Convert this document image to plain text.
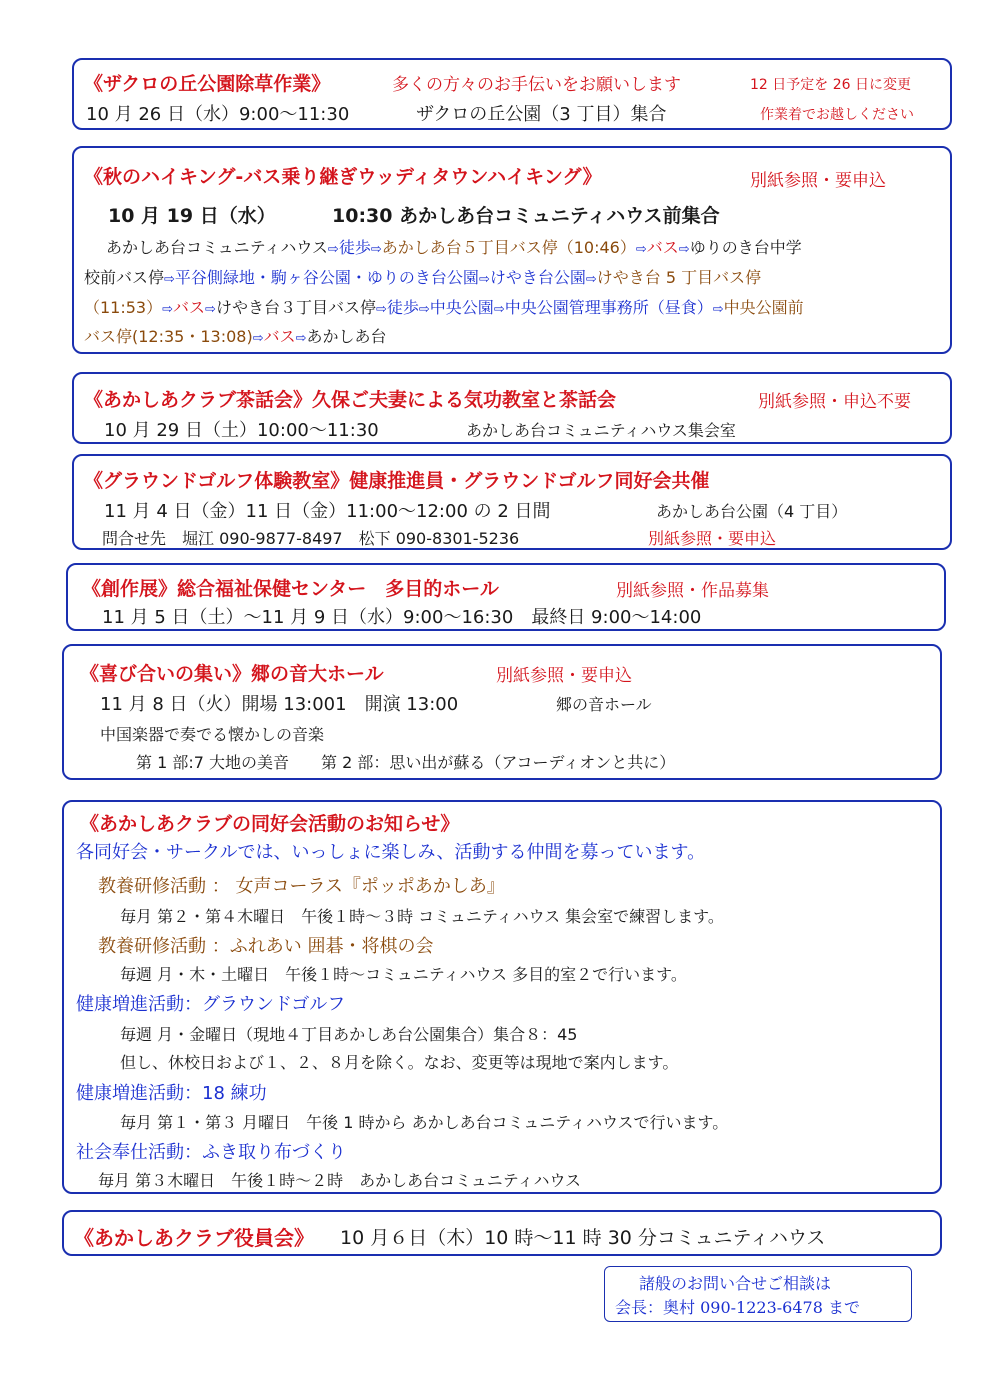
《ザクロの丘公園除草作業》	多くの方々のお手伝いをお願いします	12 日予定を 26 日に変更
10 月 26 日（水）9:00～11:30	ザクロの丘公園（3 丁目）集合	作業着でお越しください
《秋のハイキング-バス乗り継ぎウッディタウンハイキング》	別紙参照・要申込
10 月 19 日（水）	10:30 あかしあ台コミュニティハウス前集合
あかしあ台コミュニティハウス⇨徒歩⇨あかしあ台５丁目バス停（10:46）⇨バス⇨ゆりのき台中学
校前バス停⇨平谷側緑地・駒ヶ谷公園・ゆりのき台公園⇨けやき台公園⇨けやき台 5 丁目バス停
（11:53）⇨バス⇨けやき台３丁目バス停⇨徒歩⇨中央公園⇨中央公園管理事務所（昼食）⇨中央公園前
バス停(12:35・13:08)⇨バス⇨あかしあ台
《あかしあクラブ茶話会》久保ご夫妻による気功教室と茶話会	別紙参照・申込不要
10 月 29 日（土）10:00～11:30	あかしあ台コミュニティハウス集会室
《グラウンドゴルフ体験教室》健康推進員・グラウンドゴルフ同好会共催
11 月 4 日（金）11 日（金）11:00～12:00 の 2 日間	あかしあ台公園（4 丁目）
問合せ先　堀江 090-9877-8497　松下 090-8301-5236	別紙参照・要申込
《創作展》総合福祉保健センター　多目的ホール	別紙参照・作品募集
11 月 5 日（土）～11 月 9 日（水）9:00～16:30　最終日 9:00～14:00
《喜び合いの集い》郷の音大ホール	別紙参照・要申込
11 月 8 日（火）開場 13:001　開演 13:00	郷の音ホール
中国楽器で奏でる懐かしの音楽
第 1 部:7 大地の美音　　第 2 部：思い出が蘇る（アコーディオンと共に）
《あかしあクラブの同好会活動のお知らせ》
各同好会・サークルでは、いっしょに楽しみ、活動する仲間を募っています。
教養研修活動 ： 女声コーラス『ポッポあかしあ』
毎月 第２・第４木曜日　午後１時～３時 コミュニティハウス 集会室で練習します。
教養研修活動 ：ふれあい 囲碁・将棋の会
毎週 月・木・土曜日　午後１時～コミュニティハウス 多目的室２で行います。
健康増進活動：グラウンドゴルフ
毎週 月・金曜日（現地４丁目あかしあ台公園集合）集合８：45
但し、休校日および１、２、８月を除く。なお、変更等は現地で案内します。
健康増進活動：18 練功
毎月 第１・第３ 月曜日　午後 1 時から あかしあ台コミュニティハウスで行います。
社会奉仕活動：ふき取り布づくり
毎月 第３木曜日　午後１時～２時　あかしあ台コミュニティハウス
《あかしあクラブ役員会》 10 月６日（木）10 時～11 時 30 分コミュニティハウス
諸般のお問い合せご相談は
会長：奥村 090-1223-6478 まで
